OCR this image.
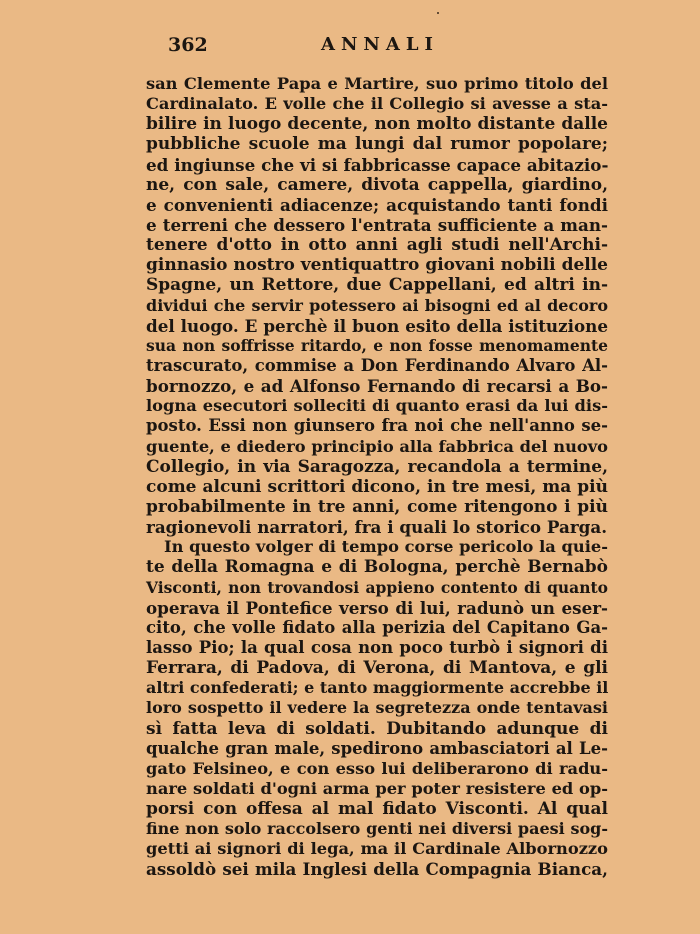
362	ANNALI
san Clemente Papa e Martire, suo primo titolo del
Cardinalato. E volle che il Collegio si avesse a sta-
bilire in luogo decente, non molto distante dalle
pubbliche scuole ma lungi dal rumor popolare;
ed ingiunse che vi si fabbricasse capace abitazio-
ne, con sale, camere, divota cappella, giardino,
e convenienti adiacenze; acquistando tanti fondi
e terreni che dessero l'entrata sufficiente a man-
tenere d'otto in otto anni agli studi nell'Archi-
ginnasio nostro ventiquattro giovani nobili delle
Spagne, un Rettore, due Cappellani, ed altri in-
dividui che servir potessero ai bisogni ed al decoro
del luogo. E perchè il buon esito della istituzione
sua non soffrisse ritardo, e non fosse menomamente
trascurato, commise a Don Ferdinando Alvaro Al-
bornozzo, e ad Alfonso Fernando di recarsi a Bo-
logna esecutori solleciti di quanto erasi da lui dis-
posto. Essi non giunsero fra noi che nell'anno se-
guente, e diedero principio alla fabbrica del nuovo
Collegio, in via Saragozza, recandola a termine,
come alcuni scrittori dicono, in tre mesi, ma più
probabilmente in tre anni, come ritengono i più
ragionevoli narratori, fra i quali lo storico Parga.
In questo volger di tempo corse pericolo la quie-
te della Romagna e di Bologna, perchè Bernabò
Visconti, non trovandosi appieno contento di quanto
operava il Pontefice verso di lui, radunò un eser-
cito, che volle fidato alla perizia del Capitano Ga-
lasso Pio; la qual cosa non poco turbò i signori di
Ferrara, di Padova, di Verona, di Mantova, e gli
altri confederati; e tanto maggiormente accrebbe il
loro sospetto il vedere la segretezza onde tentavasi
sì fatta leva di soldati. Dubitando adunque di
qualche gran male, spedirono ambasciatori al Le-
gato Felsineo, e con esso lui deliberarono di radu-
nare soldati d'ogni arma per poter resistere ed op-
porsi con offesa al mal fidato Visconti. Al qual
fine non solo raccolsero genti nei diversi paesi sog-
getti ai signori di lega, ma il Cardinale Albornozzo
assoldò sei mila Inglesi della Compagnia Bianca,
